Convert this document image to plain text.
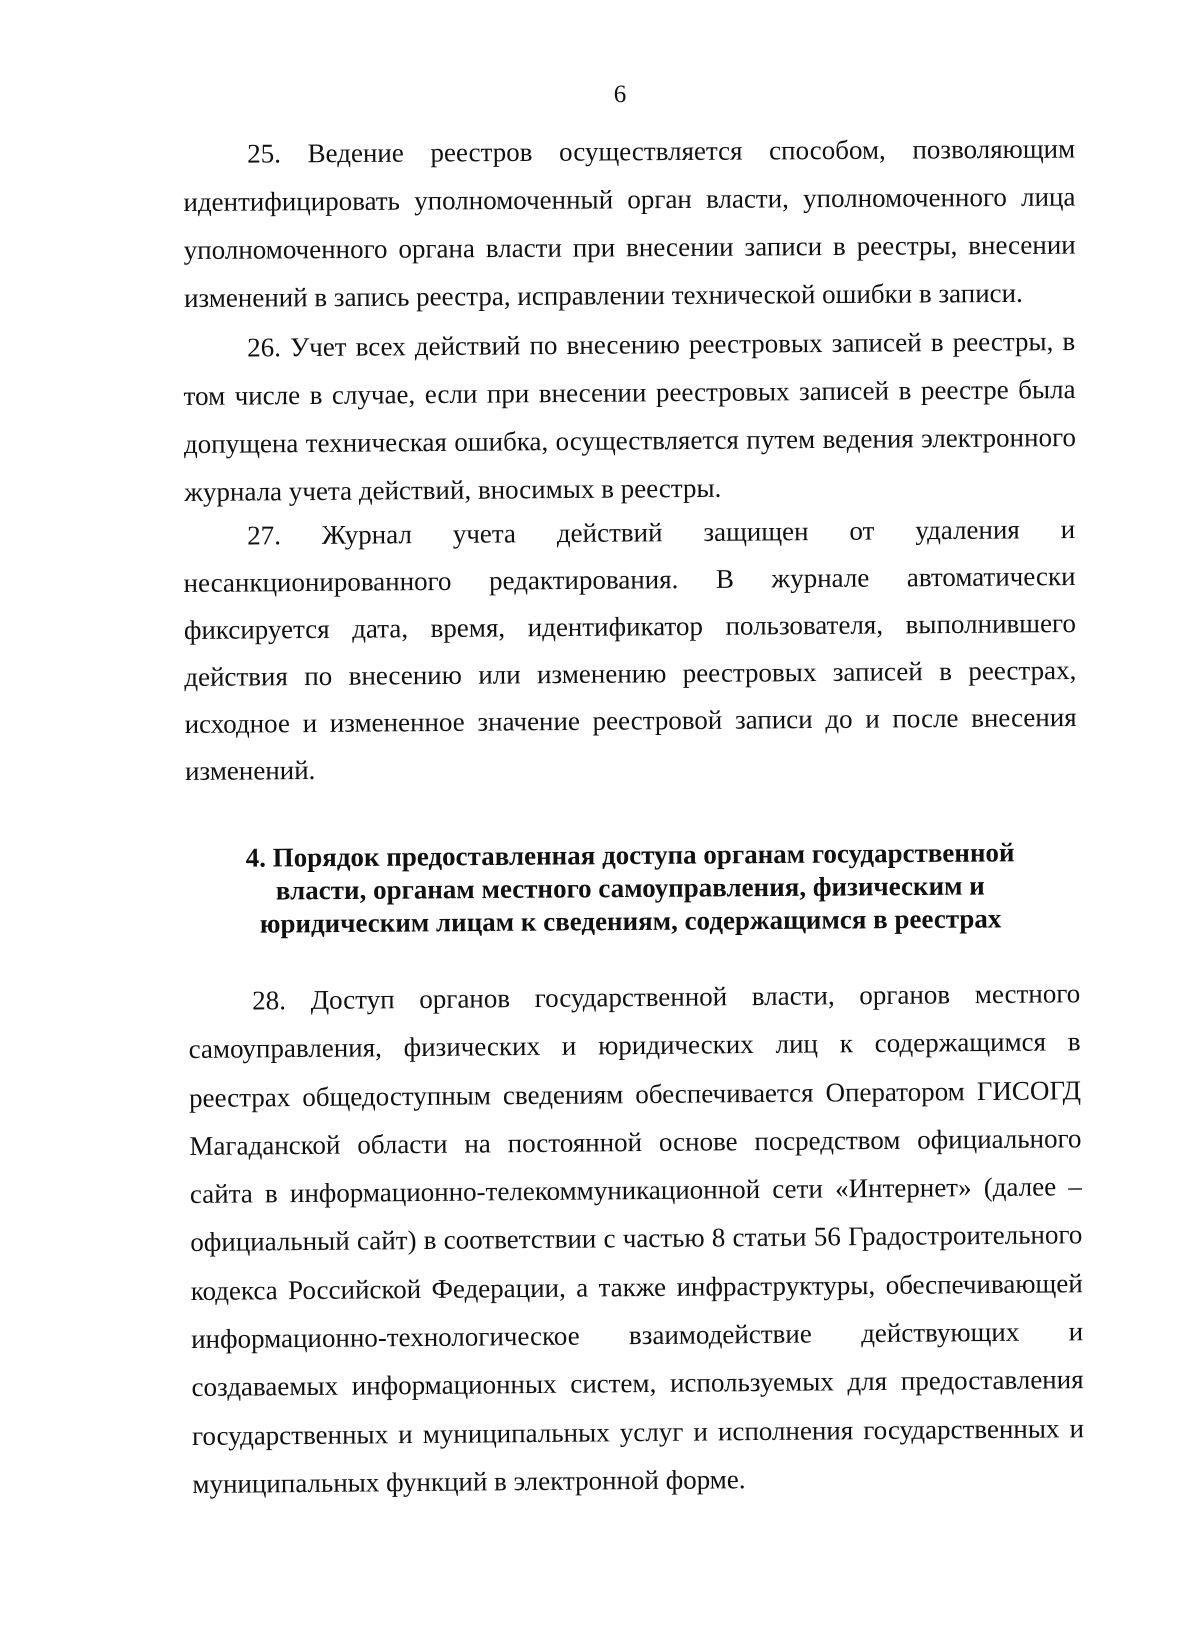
6

25. Ведение реестров осуществляется способом, позволяющим идентифицировать уполномоченный орган власти, уполномоченного лица уполномоченного органа власти при внесении записи в реестры, внесении изменений в запись реестра, исправлении технической ошибки в записи.

26. Учет всех действий по внесению реестровых записей в реестры, в том числе в случае, если при внесении реестровых записей в реестре была допущена техническая ошибка, осуществляется путем ведения электронного журнала учета действий, вносимых в реестры.

27. Журнал учета действий защищен от удаления и несанкционированного редактирования. В журнале автоматически фиксируется дата, время, идентификатор пользователя, выполнившего действия по внесению или изменению реестровых записей в реестрах, исходное и измененное значение реестровой записи до и после внесения изменений.

4. Порядок предоставленная доступа органам государственной власти, органам местного самоуправления, физическим и юридическим лицам к сведениям, содержащимся в реестрах

28. Доступ органов государственной власти, органов местного самоуправления, физических и юридических лиц к содержащимся в реестрах общедоступным сведениям обеспечивается Оператором ГИСОГД Магаданской области на постоянной основе посредством официального сайта в информационно-телекоммуникационной сети «Интернет» (далее – официальный сайт) в соответствии с частью 8 статьи 56 Градостроительного кодекса Российской Федерации, а также инфраструктуры, обеспечивающей информационно-технологическое взаимодействие действующих и создаваемых информационных систем, используемых для предоставления государственных и муниципальных услуг и исполнения государственных и муниципальных функций в электронной форме.
